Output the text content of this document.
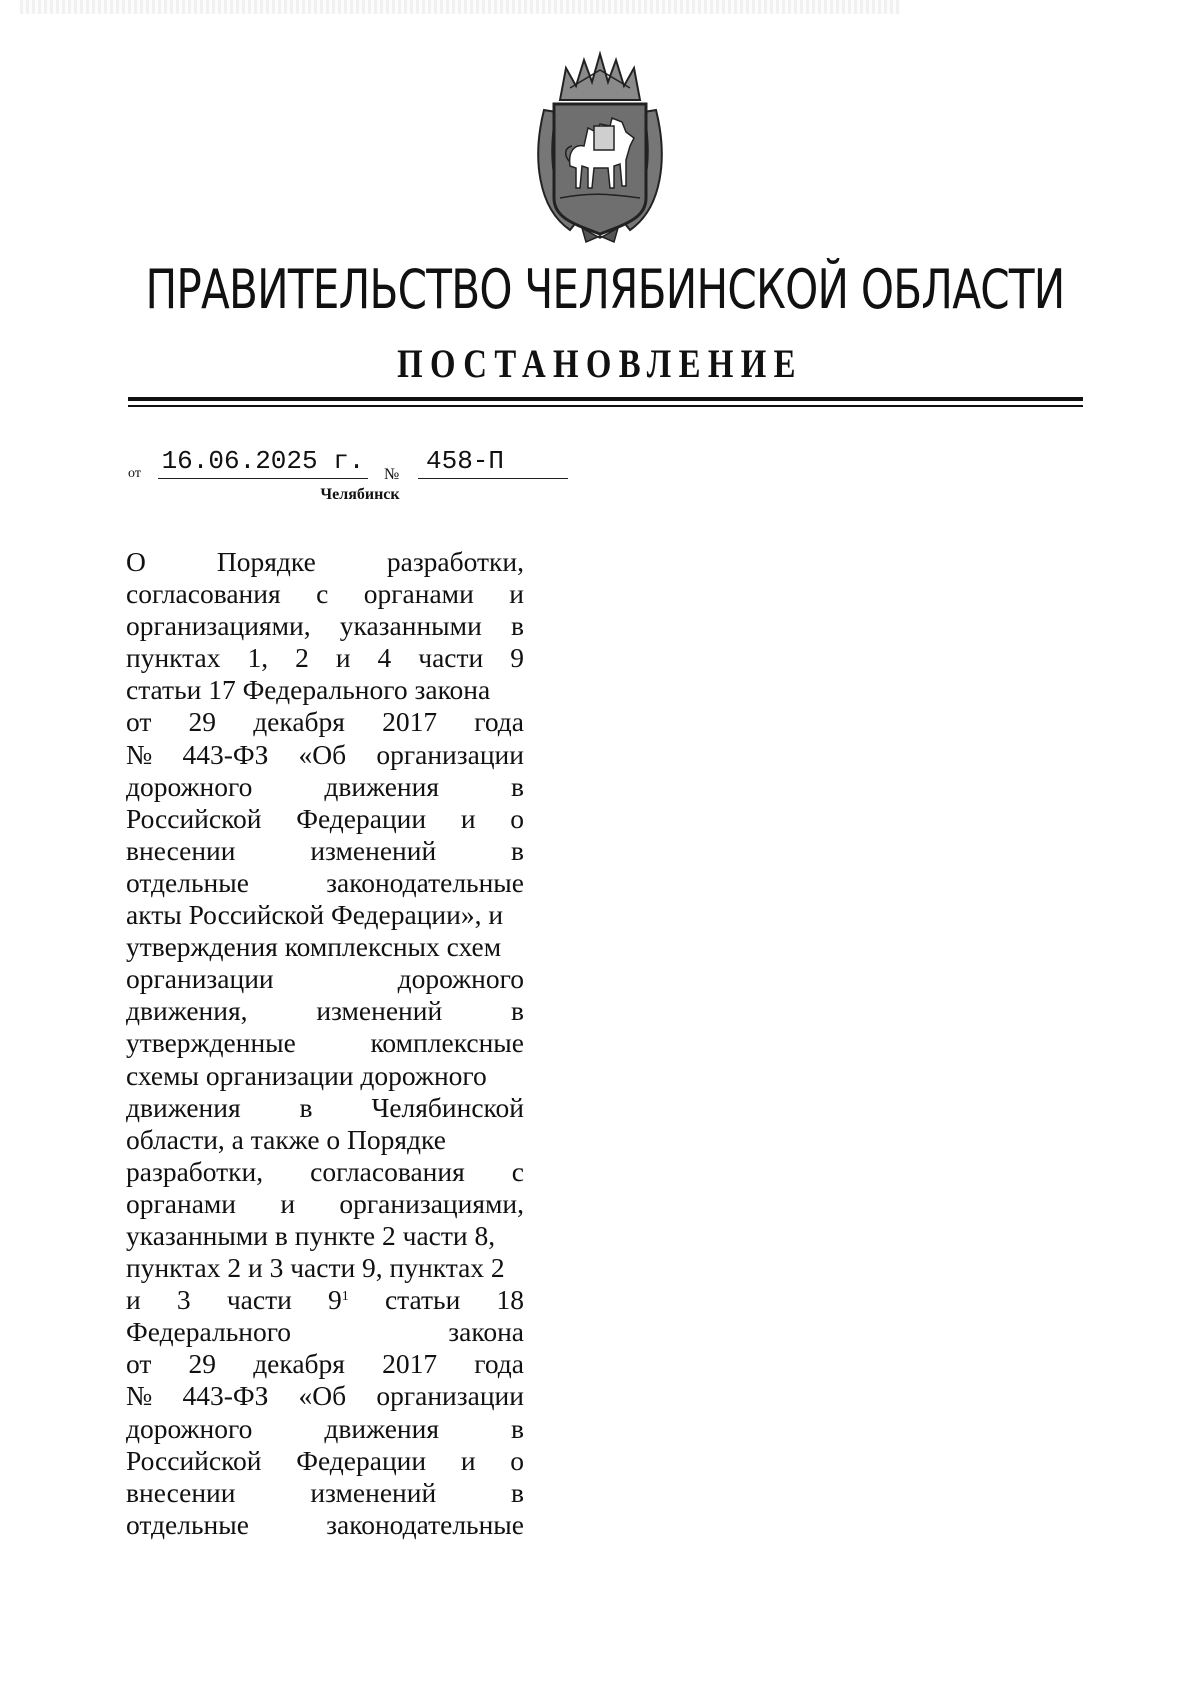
ПРАВИТЕЛЬСТВО ЧЕЛЯБИНСКОЙ ОБЛАСТИ
ПОСТАНОВЛЕНИЕ
от 16.06.2025 г. №	458-П
Челябинск
О	Порядке	разработки,
согласования с органами и
организациями, указанными в
пунктах 1, 2 и 4 части 9
статьи 17 Федерального закона
от 29 декабря 2017 года
№ 443-ФЗ «Об организации
дорожного	движения	в
Российской Федерации и о
внесении	изменений	в
отдельные	законодательные
акты Российской Федерации», и
утверждения комплексных схем
организации	дорожного
движения,	изменений	в
утвержденные	комплексные
схемы организации дорожного
движения в Челябинской
области, а также о Порядке
разработки, согласования с
органами и организациями,
указанными в пункте 2 части 8,
пунктах 2 и 3 части 9, пунктах 2
и 3 части $9^1$ статьи 18
Федерального	закона
от 29 декабря 2017 года
№ 443-ФЗ «Об организации
дорожного	движения	в
Российской Федерации и о
внесении	изменений	в
отдельные	законодательные
